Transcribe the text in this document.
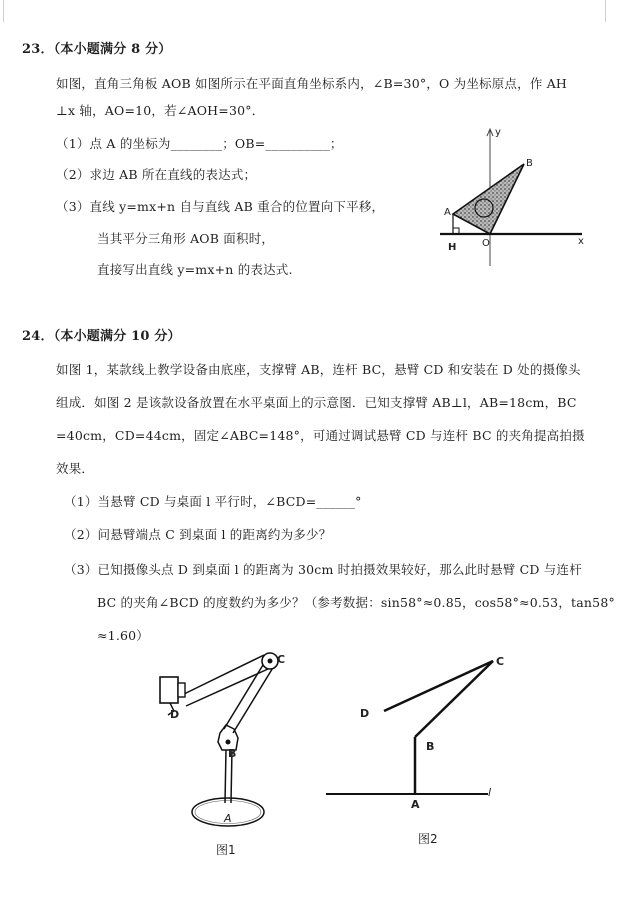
23．（本小题满分 8 分）
如图，直角三角板 AOB 如图所示在平面直角坐标系内，∠B=30°，O 为坐标原点，作 AH
⊥x 轴，AO=10，若∠AOH=30°．
（1）点 A 的坐标为________；OB=__________；
（2）求边 AB 所在直线的表达式；
（3）直线 y=mx+n 自与直线 AB 重合的位置向下平移，
当其平分三角形 AOB 面积时，
直接写出直线 y=mx+n 的表达式.
y
x
A
B
H	O
24．（本小题满分 10 分）
如图 1，某款线上教学设备由底座，支撑臂 AB，连杆 BC，悬臂 CD 和安装在 D 处的摄像头
组成．如图 2 是该款设备放置在水平桌面上的示意图．已知支撑臂 AB⊥l，AB=18cm，BC
=40cm，CD=44cm，固定∠ABC=148°，可通过调试悬臂 CD 与连杆 BC 的夹角提高拍摄
效果．
（1）当悬臂 CD 与桌面 l 平行时，∠BCD=______°
（2）问悬臂端点 C 到桌面 l 的距离约为多少？
（3）已知摄像头点 D 到桌面 l 的距离为 30cm 时拍摄效果较好，那么此时悬臂 CD 与连杆
BC 的夹角∠BCD 的度数约为多少？（参考数据：sin58°≈0.85，cos58°≈0.53，tan58°
≈1.60）
D
C
B
A
图1
C
D
B
A
l
图2
